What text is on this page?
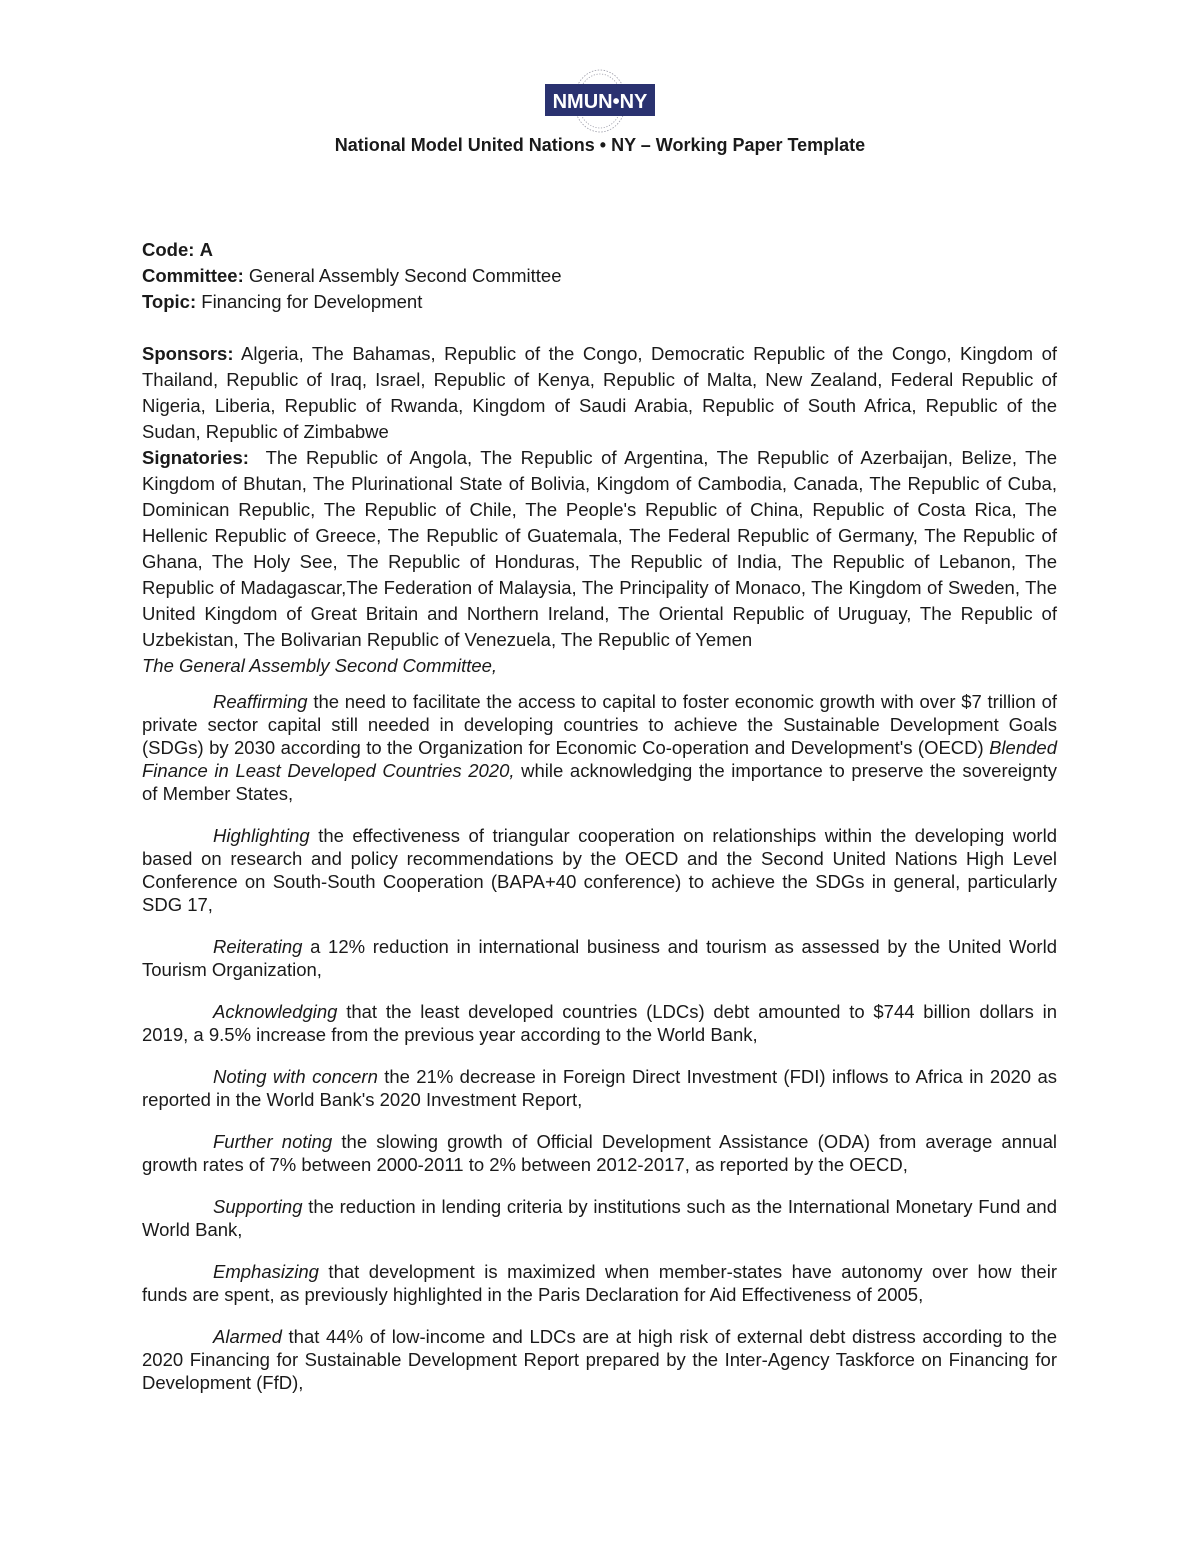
NMUN•NY
National Model United Nations • NY – Working Paper Template

Code: A

Committee: General Assembly Second Committee

Topic: Financing for Development

Sponsors: Algeria, The Bahamas, Republic of the Congo, Democratic Republic of the Congo, Kingdom of Thailand, Republic of Iraq, Israel, Republic of Kenya, Republic of Malta, New Zealand, Federal Republic of Nigeria, Liberia, Republic of Rwanda, Kingdom of Saudi Arabia, Republic of South Africa, Republic of the Sudan, Republic of Zimbabwe

Signatories: The Republic of Angola, The Republic of Argentina, The Republic of Azerbaijan, Belize, The Kingdom of Bhutan, The Plurinational State of Bolivia, Kingdom of Cambodia, Canada, The Republic of Cuba, Dominican Republic, The Republic of Chile, The People's Republic of China, Republic of Costa Rica, The Hellenic Republic of Greece, The Republic of Guatemala, The Federal Republic of Germany, The Republic of Ghana, The Holy See, The Republic of Honduras, The Republic of India, The Republic of Lebanon, The Republic of Madagascar,The Federation of Malaysia, The Principality of Monaco, The Kingdom of Sweden, The United Kingdom of Great Britain and Northern Ireland, The Oriental Republic of Uruguay, The Republic of Uzbekistan, The Bolivarian Republic of Venezuela, The Republic of Yemen

The General Assembly Second Committee,

Reaffirming the need to facilitate the access to capital to foster economic growth with over $7 trillion of private sector capital still needed in developing countries to achieve the Sustainable Development Goals (SDGs) by 2030 according to the Organization for Economic Co-operation and Development's (OECD) Blended Finance in Least Developed Countries 2020, while acknowledging the importance to preserve the sovereignty of Member States,

Highlighting the effectiveness of triangular cooperation on relationships within the developing world based on research and policy recommendations by the OECD and the Second United Nations High Level Conference on South-South Cooperation (BAPA+40 conference) to achieve the SDGs in general, particularly SDG 17,

Reiterating a 12% reduction in international business and tourism as assessed by the United World Tourism Organization,

Acknowledging that the least developed countries (LDCs) debt amounted to $744 billion dollars in 2019, a 9.5% increase from the previous year according to the World Bank,

Noting with concern the 21% decrease in Foreign Direct Investment (FDI) inflows to Africa in 2020 as reported in the World Bank's 2020 Investment Report,

Further noting the slowing growth of Official Development Assistance (ODA) from average annual growth rates of 7% between 2000-2011 to 2% between 2012-2017, as reported by the OECD,

Supporting the reduction in lending criteria by institutions such as the International Monetary Fund and World Bank,

Emphasizing that development is maximized when member-states have autonomy over how their funds are spent, as previously highlighted in the Paris Declaration for Aid Effectiveness of 2005,

Alarmed that 44% of low-income and LDCs are at high risk of external debt distress according to the 2020 Financing for Sustainable Development Report prepared by the Inter-Agency Taskforce on Financing for Development (FfD),
